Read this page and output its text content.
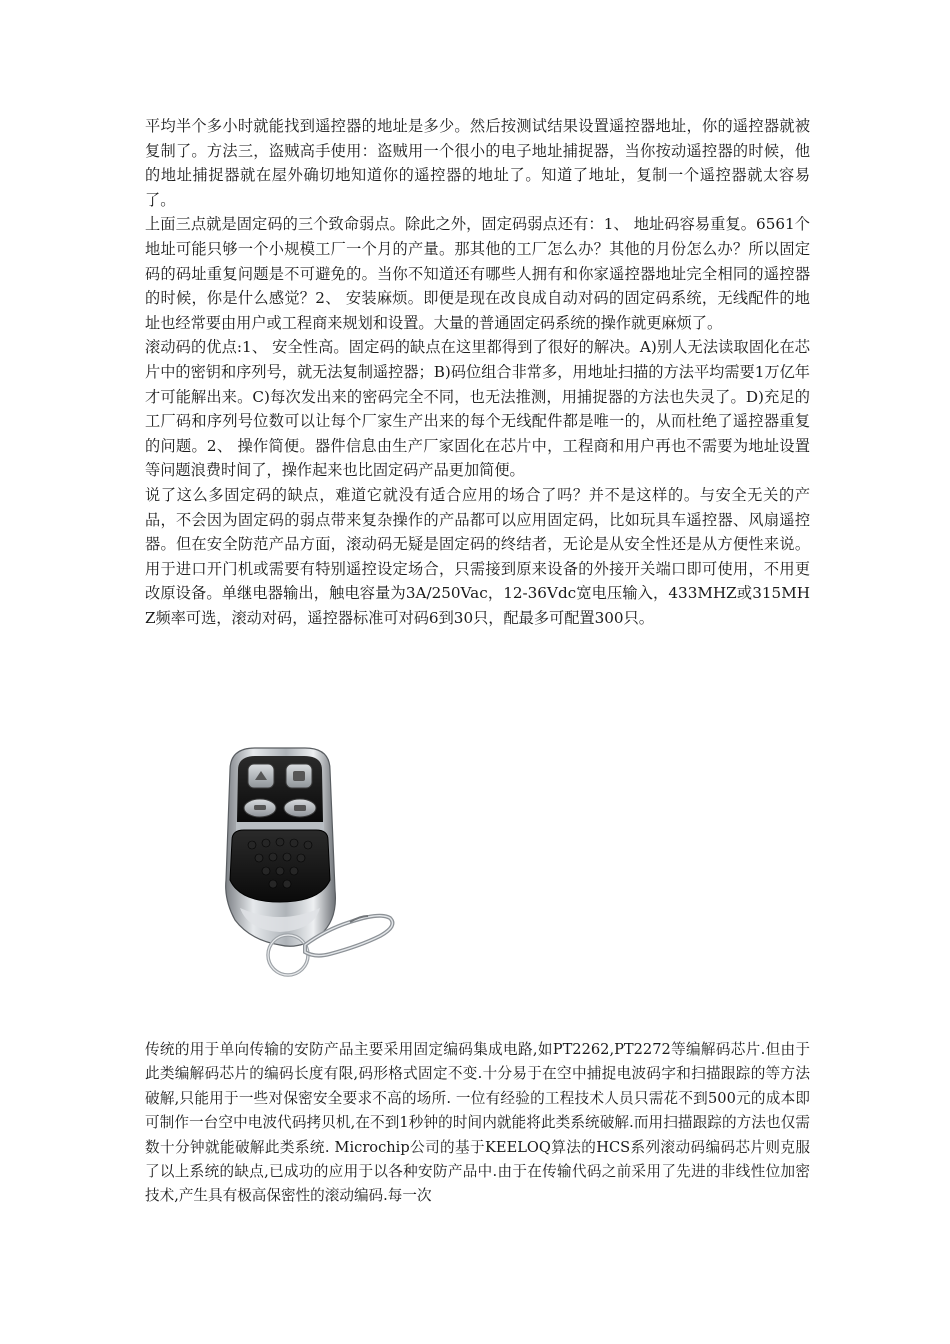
平均半个多小时就能找到遥控器的地址是多少。然后按测试结果设置遥控器地址，你的遥控器就被复制了。方法三，盗贼高手使用：盗贼用一个很小的电子地址捕捉器，当你按动遥控器的时候，他的地址捕捉器就在屋外确切地知道你的遥控器的地址了。知道了地址，复制一个遥控器就太容易了。

上面三点就是固定码的三个致命弱点。除此之外，固定码弱点还有：1、 地址码容易重复。6561个地址可能只够一个小规模工厂一个月的产量。那其他的工厂怎么办？其他的月份怎么办？所以固定码的码址重复问题是不可避免的。当你不知道还有哪些人拥有和你家遥控器地址完全相同的遥控器的时候，你是什么感觉？2、 安装麻烦。即便是现在改良成自动对码的固定码系统，无线配件的地址也经常要由用户或工程商来规划和设置。大量的普通固定码系统的操作就更麻烦了。

滚动码的优点:1、 安全性高。固定码的缺点在这里都得到了很好的解决。A)别人无法读取固化在芯片中的密钥和序列号，就无法复制遥控器；B)码位组合非常多，用地址扫描的方法平均需要1万亿年才可能解出来。C)每次发出来的密码完全不同，也无法推测，用捕捉器的方法也失灵了。D)充足的工厂码和序列号位数可以让每个厂家生产出来的每个无线配件都是唯一的，从而杜绝了遥控器重复的问题。2、 操作简便。器件信息由生产厂家固化在芯片中，工程商和用户再也不需要为地址设置等问题浪费时间了，操作起来也比固定码产品更加简便。

说了这么多固定码的缺点，难道它就没有适合应用的场合了吗？并不是这样的。与安全无关的产品，不会因为固定码的弱点带来复杂操作的产品都可以应用固定码，比如玩具车遥控器、风扇遥控器。但在安全防范产品方面，滚动码无疑是固定码的终结者，无论是从安全性还是从方便性来说。用于进口开门机或需要有特别遥控设定场合，只需接到原来设备的外接开关端口即可使用，不用更改原设备。单继电器输出，触电容量为3A/250Vac，12-36Vdc宽电压输入，433MHZ或315MHZ频率可选，滚动对码，遥控器标准可对码6到30只，配最多可配置300只。

传统的用于单向传输的安防产品主要采用固定编码集成电路,如PT2262,PT2272等编解码芯片.但由于此类编解码芯片的编码长度有限,码形格式固定不变.十分易于在空中捕捉电波码字和扫描跟踪的等方法破解,只能用于一些对保密安全要求不高的场所. 一位有经验的工程技术人员只需花不到500元的成本即可制作一台空中电波代码拷贝机,在不到1秒钟的时间内就能将此类系统破解.而用扫描跟踪的方法也仅需数十分钟就能破解此类系统. Microchip公司的基于KEELOQ算法的HCS系列滚动码编码芯片则克服了以上系统的缺点,已成功的应用于以各种安防产品中.由于在传输代码之前采用了先进的非线性位加密技术,产生具有极高保密性的滚动编码.每一次
